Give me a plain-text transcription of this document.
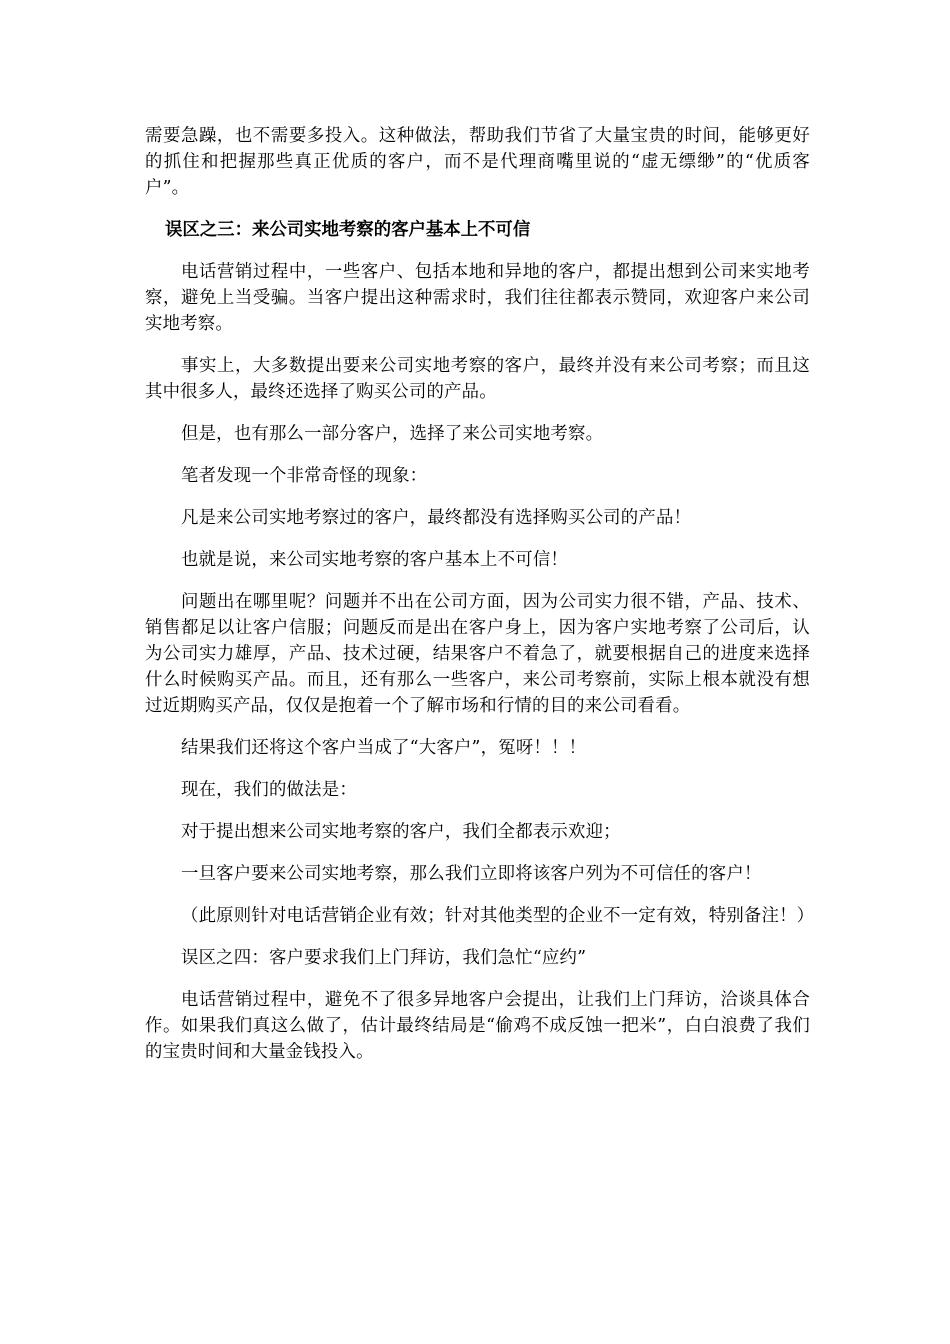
需要急躁，也不需要多投入。这种做法，帮助我们节省了大量宝贵的时间，能够更好的抓住和把握那些真正优质的客户，而不是代理商嘴里说的“虚无缥缈”的“优质客户”。

误区之三：来公司实地考察的客户基本上不可信

电话营销过程中，一些客户、包括本地和异地的客户，都提出想到公司来实地考察，避免上当受骗。当客户提出这种需求时，我们往往都表示赞同，欢迎客户来公司实地考察。

事实上，大多数提出要来公司实地考察的客户，最终并没有来公司考察；而且这其中很多人，最终还选择了购买公司的产品。

但是，也有那么一部分客户，选择了来公司实地考察。

笔者发现一个非常奇怪的现象：

凡是来公司实地考察过的客户，最终都没有选择购买公司的产品！

也就是说，来公司实地考察的客户基本上不可信！

问题出在哪里呢？问题并不出在公司方面，因为公司实力很不错，产品、技术、销售都足以让客户信服；问题反而是出在客户身上，因为客户实地考察了公司后，认为公司实力雄厚，产品、技术过硬，结果客户不着急了，就要根据自己的进度来选择什么时候购买产品。而且，还有那么一些客户，来公司考察前，实际上根本就没有想过近期购买产品，仅仅是抱着一个了解市场和行情的目的来公司看看。

结果我们还将这个客户当成了“大客户”，冤呀！！！

现在，我们的做法是：

对于提出想来公司实地考察的客户，我们全都表示欢迎；

一旦客户要来公司实地考察，那么我们立即将该客户列为不可信任的客户！

（此原则针对电话营销企业有效；针对其他类型的企业不一定有效，特别备注！）

误区之四：客户要求我们上门拜访，我们急忙“应约”

电话营销过程中，避免不了很多异地客户会提出，让我们上门拜访，洽谈具体合作。如果我们真这么做了，估计最终结局是“偷鸡不成反蚀一把米”，白白浪费了我们的宝贵时间和大量金钱投入。
